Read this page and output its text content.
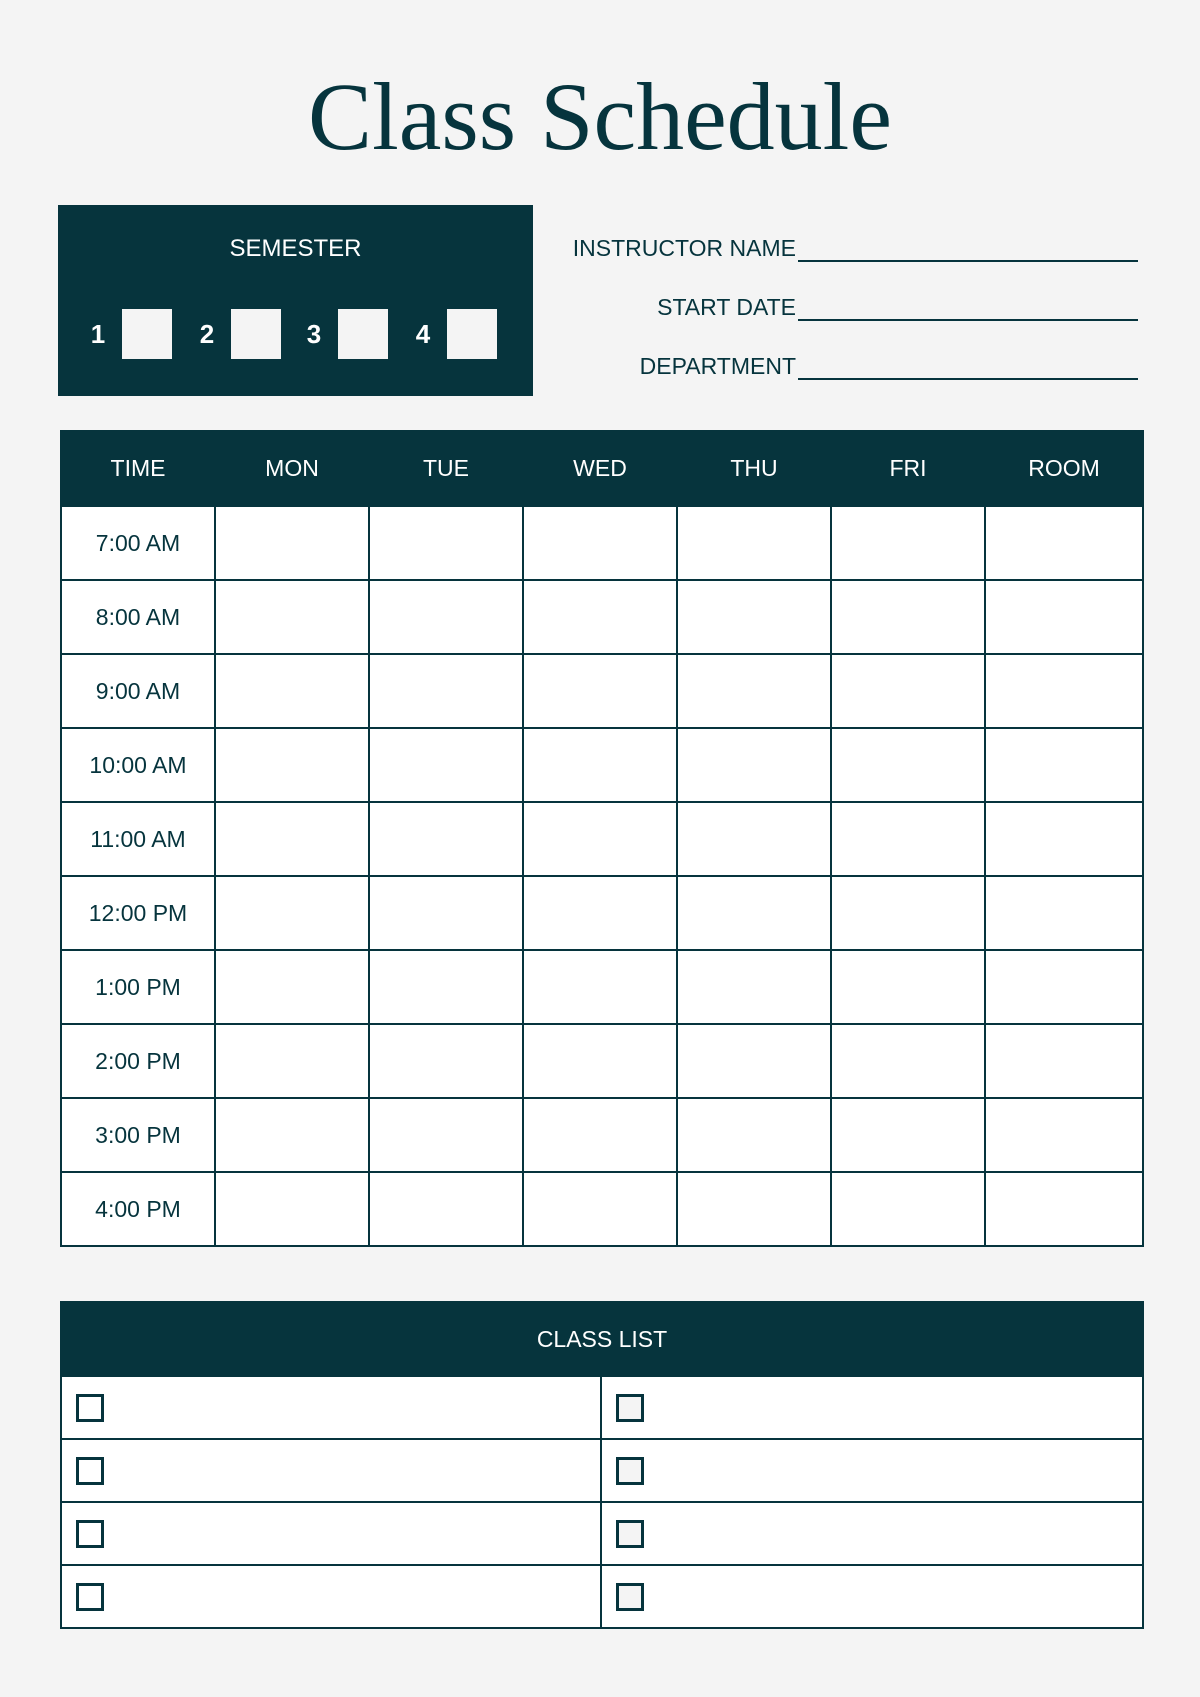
Class Schedule
SEMESTER
1	2	3	4
INSTRUCTOR NAME
START DATE
DEPARTMENT
TIME	MON	TUE	WED	THU	FRI	ROOM
7:00 AM						
8:00 AM						
9:00 AM						
10:00 AM						
11:00 AM						
12:00 PM						
1:00 PM						
2:00 PM						
3:00 PM						
4:00 PM						
CLASS LIST	
